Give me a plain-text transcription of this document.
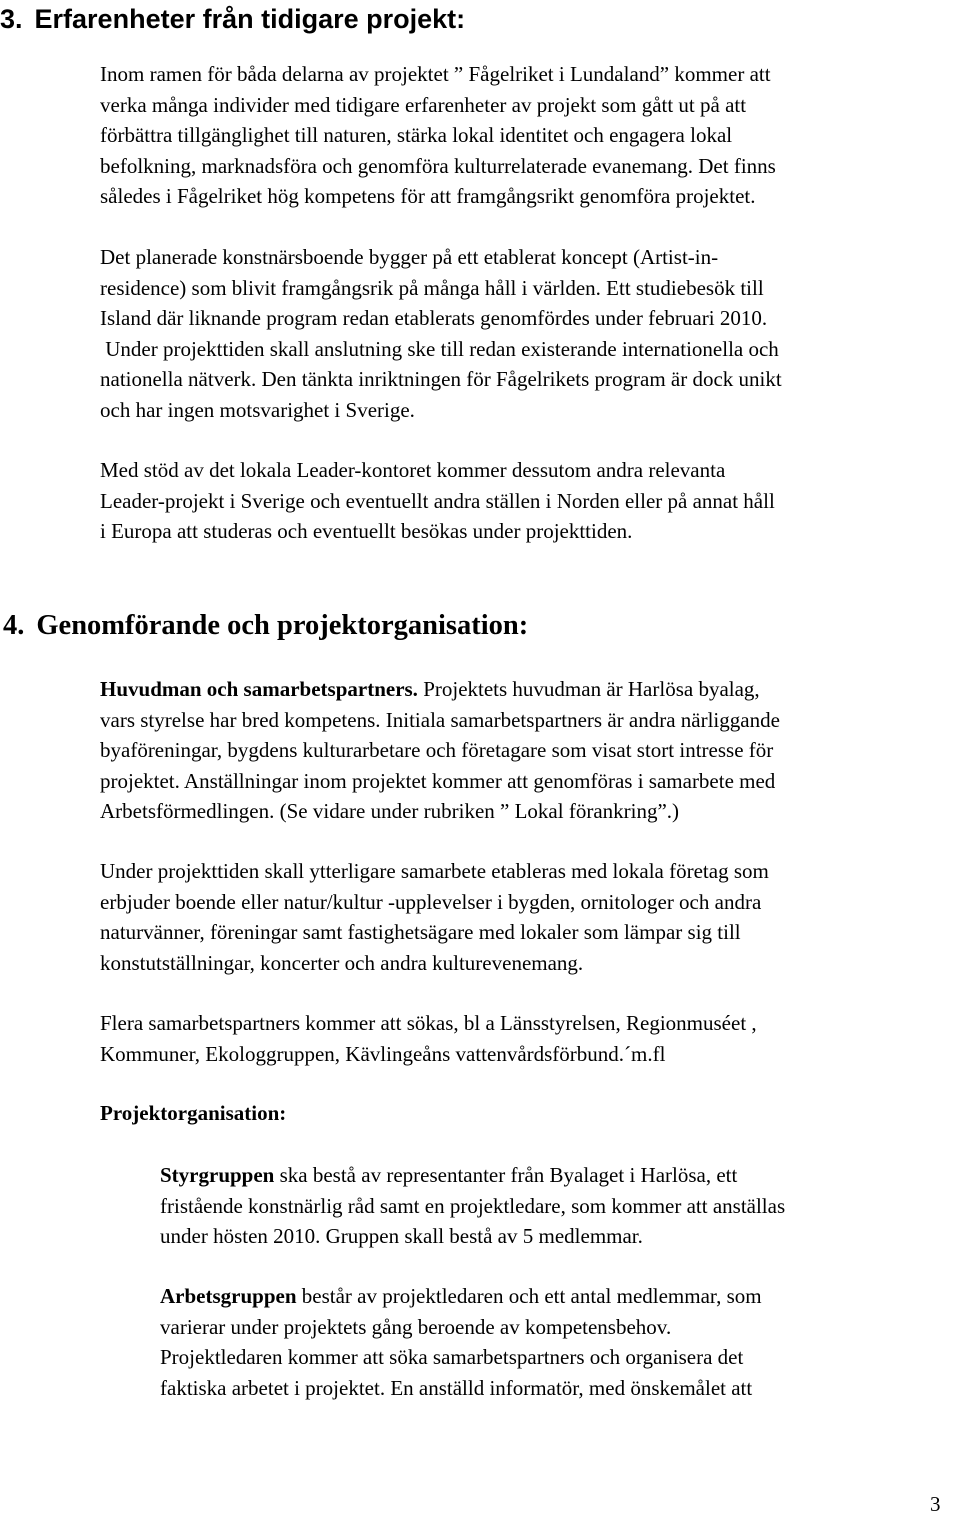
3. Erfarenheter från tidigare projekt:

Inom ramen för båda delarna av projektet ” Fågelriket i Lundaland” kommer att
verka många individer med tidigare erfarenheter av projekt som gått ut på att
förbättra tillgänglighet till naturen, stärka lokal identitet och engagera lokal
befolkning, marknadsföra och genomföra kulturrelaterade evanemang. Det finns
således i Fågelriket hög kompetens för att framgångsrikt genomföra projektet.

Det planerade konstnärsboende bygger på ett etablerat koncept (Artist-in-
residence) som blivit framgångsrik på många håll i världen. Ett studiebesök till
Island där liknande program redan etablerats genomfördes under februari 2010.
Under projekttiden skall anslutning ske till redan existerande internationella och
nationella nätverk. Den tänkta inriktningen för Fågelrikets program är dock unikt
och har ingen motsvarighet i Sverige.

Med stöd av det lokala Leader-kontoret kommer dessutom andra relevanta
Leader-projekt i Sverige och eventuellt andra ställen i Norden eller på annat håll
i Europa att studeras och eventuellt besökas under projekttiden.

4. Genomförande och projektorganisation:

Huvudman och samarbetspartners. Projektets huvudman är Harlösa byalag,
vars styrelse har bred kompetens. Initiala samarbetspartners är andra närliggande
byaföreningar, bygdens kulturarbetare och företagare som visat stort intresse för
projektet. Anställningar inom projektet kommer att genomföras i samarbete med
Arbetsförmedlingen. (Se vidare under rubriken ” Lokal förankring”.)

Under projekttiden skall ytterligare samarbete etableras med lokala företag som
erbjuder boende eller natur/kultur -upplevelser i bygden, ornitologer och andra
naturvänner, föreningar samt fastighetsägare med lokaler som lämpar sig till
konstutställningar, koncerter och andra kulturevenemang.

Flera samarbetspartners kommer att sökas, bl a Länsstyrelsen, Regionmuséet ,
Kommuner, Ekologgruppen, Kävlingeåns vattenvårdsförbund.´m.fl

Projektorganisation:

Styrgruppen ska bestå av representanter från Byalaget i Harlösa, ett
fristående konstnärlig råd samt en projektledare, som kommer att anställas
under hösten 2010. Gruppen skall bestå av 5 medlemmar.

Arbetsgruppen består av projektledaren och ett antal medlemmar, som
varierar under projektets gång beroende av kompetensbehov.
Projektledaren kommer att söka samarbetspartners och organisera det
faktiska arbetet i projektet. En anställd informatör, med önskemålet att

3
